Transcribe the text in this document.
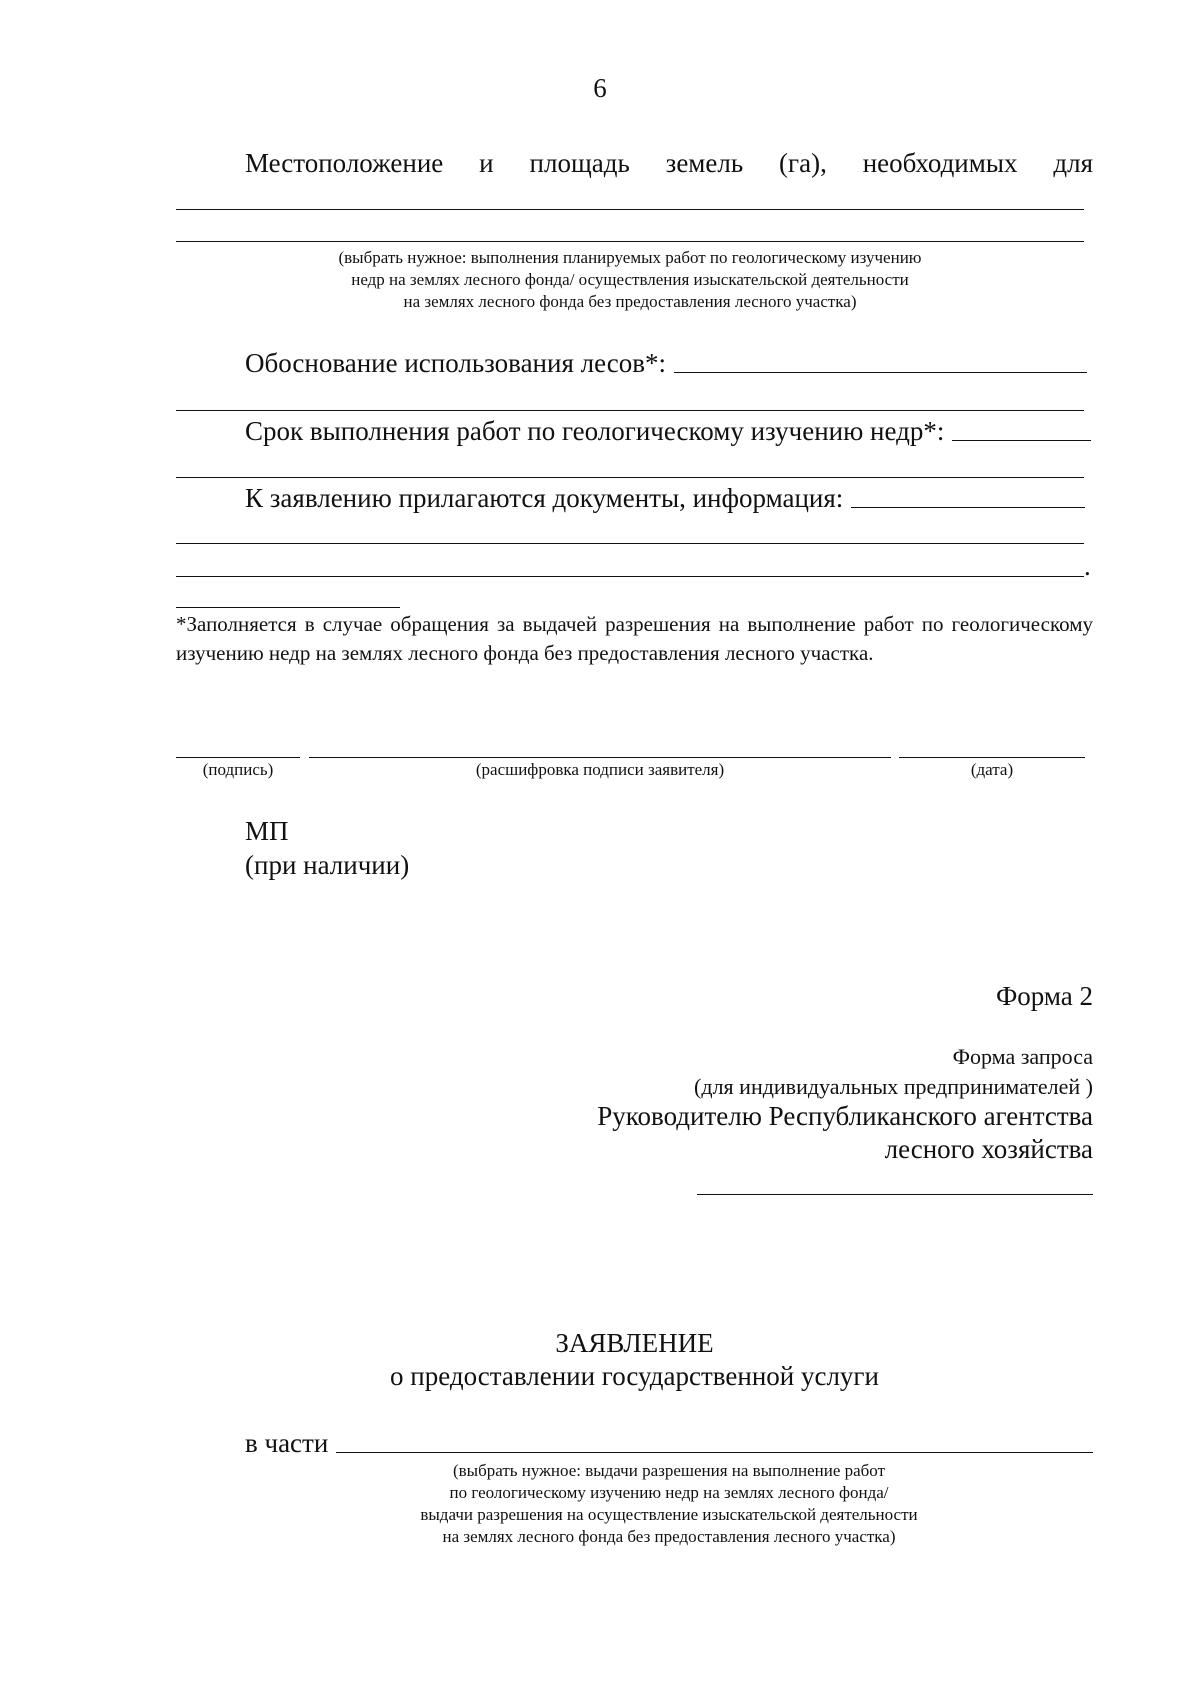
6
Местоположение и площадь земель (га), необходимых для
(выбрать нужное: выполнения планируемых работ по геологическому изучению
недр на землях лесного фонда/ осуществления изыскательской деятельности
на землях лесного фонда без предоставления лесного участка)
Обоснование использования лесов*:
Срок выполнения работ по геологическому изучению недр*:
К заявлению прилагаются документы, информация:
.
*Заполняется в случае обращения за выдачей разрешения на выполнение работ по геологическому изучению недр на землях лесного фонда без предоставления лесного участка.
(подпись)	(расшифровка подписи заявителя)	(дата)
МП
(при наличии)
Форма 2
Форма запроса
(для индивидуальных предпринимателей )
Руководителю Республиканского агентства
лесного хозяйства
ЗАЯВЛЕНИЕ
о предоставлении государственной услуги
в части
(выбрать нужное: выдачи разрешения на выполнение работ
по геологическому изучению недр на землях лесного фонда/
выдачи разрешения на осуществление изыскательской деятельности
на землях лесного фонда без предоставления лесного участка)
